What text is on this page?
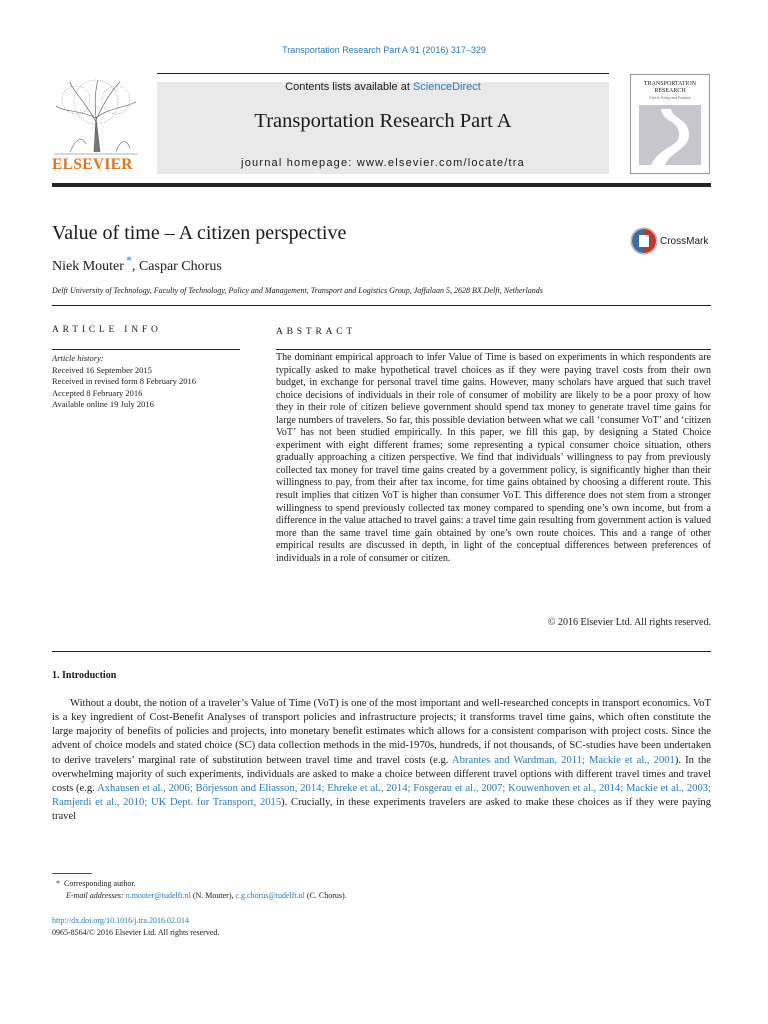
Transportation Research Part A 91 (2016) 317–329
ELSEVIER
Contents lists available at ScienceDirect
Transportation Research Part A
journal homepage: www.elsevier.com/locate/tra
TRANSPORTATION RESEARCH
Part A: Policy and Practice
Value of time – A citizen perspective	CrossMark
Niek Mouter *, Caspar Chorus
Delft University of Technology, Faculty of Technology, Policy and Management, Transport and Logistics Group, Jaffalaan 5, 2628 BX Delft, Netherlands
ARTICLE INFO
Article history:
Received 16 September 2015
Received in revised form 8 February 2016
Accepted 8 February 2016
Available online 19 July 2016
ABSTRACT
The dominant empirical approach to infer Value of Time is based on experiments in which respondents are typically asked to make hypothetical travel choices as if they were paying travel costs from their own budget, in exchange for personal travel time gains. However, many scholars have argued that such travel choice decisions of individuals in their role of consumer of mobility are likely to be a poor proxy of how they in their role of citizen believe government should spend tax money to generate travel time gains for large numbers of travelers. So far, this possible deviation between what we call ‘consumer VoT’ and ‘citizen VoT’ has not been studied empirically. In this paper, we fill this gap, by designing a Stated Choice experiment with eight different frames; some representing a typical consumer choice situation, others gradually approaching a citizen perspective. We find that individuals’ willingness to pay from previously collected tax money for travel time gains created by a government policy, is significantly higher than their willingness to pay, from their after tax income, for time gains obtained by choosing a different route. This result implies that citizen VoT is higher than consumer VoT. This difference does not stem from a stronger willingness to spend previously collected tax money compared to spending one’s own income, but from a difference in the value attached to travel gains: a travel time gain resulting from government action is valued more than the same travel time gain obtained by one’s own route choices. This and a range of other empirical results are discussed in depth, in light of the conceptual differences between preferences of individuals in a role of consumer or citizen.
© 2016 Elsevier Ltd. All rights reserved.
1. Introduction

Without a doubt, the notion of a traveler’s Value of Time (VoT) is one of the most important and well-researched concepts in transport economics. VoT is a key ingredient of Cost-Benefit Analyses of transport policies and infrastructure projects; it transforms travel time gains, which often constitute the large majority of benefits of policies and projects, into monetary benefit estimates which allows for a consistent comparison with project costs. Since the advent of choice models and stated choice (SC) data collection methods in the mid-1970s, hundreds, if not thousands, of SC-studies have been undertaken to derive travelers’ marginal rate of substitution between travel time and travel costs (e.g. Abrantes and Wardman, 2011; Mackie et al., 2001). In the overwhelming majority of such experiments, individuals are asked to make a choice between different travel options with different travel times and travel costs (e.g. Axhausen et al., 2006; Börjesson and Eliasson, 2014; Ehreke et al., 2014; Fosgerau et al., 2007; Kouwenhoven et al., 2014; Mackie et al., 2003; Ramjerdi et al., 2010; UK Dept. for Transport, 2015). Crucially, in these experiments travelers are asked to make these choices as if they were paying travel

* Corresponding author.
E-mail addresses: n.mouter@tudelft.nl (N. Mouter), c.g.chorus@tudelft.nl (C. Chorus).
http://dx.doi.org/10.1016/j.tra.2016.02.014
0965-8564/© 2016 Elsevier Ltd. All rights reserved.
